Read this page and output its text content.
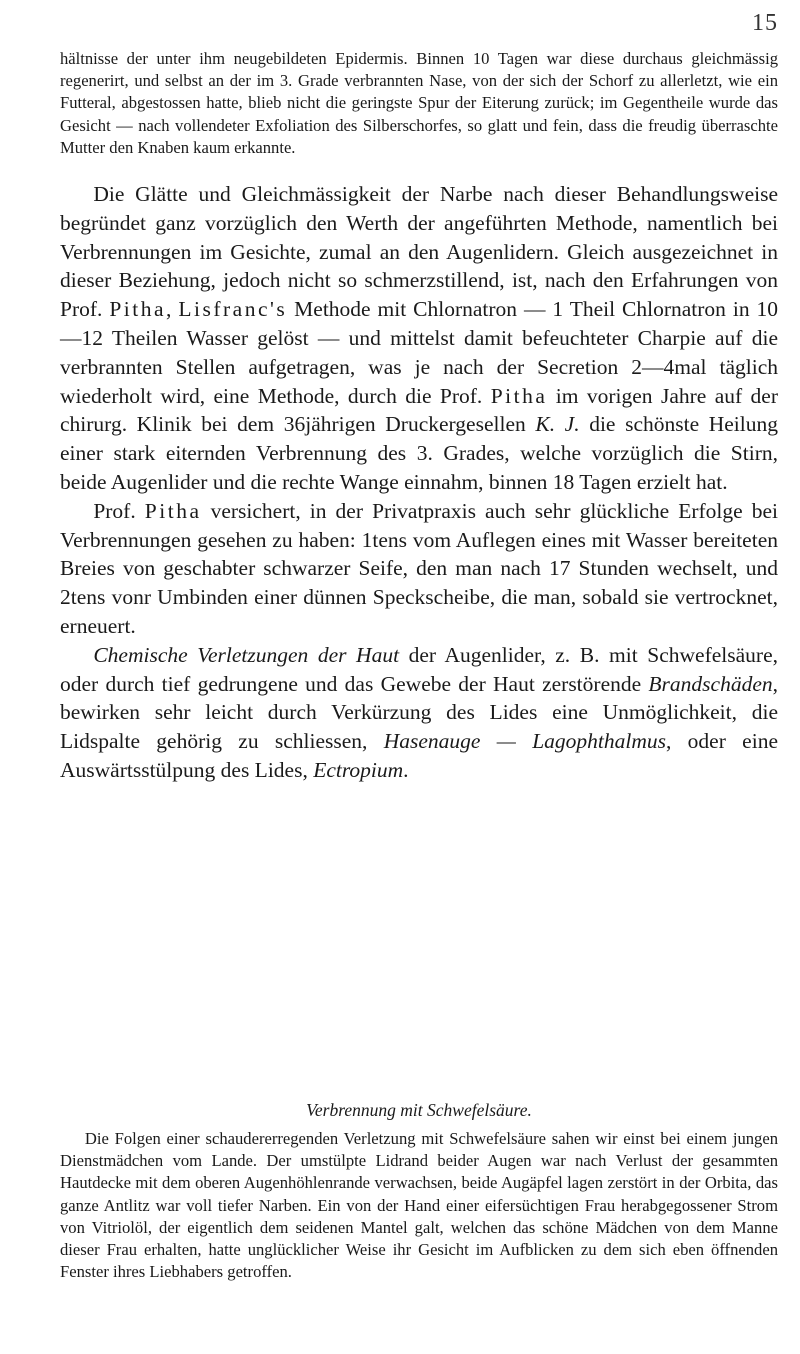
15

hältnisse der unter ihm neugebildeten Epidermis. Binnen 10 Tagen war diese durchaus gleichmässig regenerirt, und selbst an der im 3. Grade verbrannten Nase, von der sich der Schorf zu allerletzt, wie ein Futteral, abgestossen hatte, blieb nicht die geringste Spur der Eiterung zurück; im Gegentheile wurde das Gesicht — nach vollendeter Exfoliation des Silberschorfes, so glatt und fein, dass die freudig überraschte Mutter den Knaben kaum erkannte.

Die Glätte und Gleichmässigkeit der Narbe nach dieser Behandlungsweise begründet ganz vorzüglich den Werth der angeführten Methode, namentlich bei Verbrennungen im Gesichte, zumal an den Augenlidern. Gleich ausgezeichnet in dieser Beziehung, jedoch nicht so schmerzstillend, ist, nach den Erfahrungen von Prof. Pitha, Lisfranc's Methode mit Chlornatron — 1 Theil Chlornatron in 10—12 Theilen Wasser gelöst — und mittelst damit befeuchteter Charpie auf die verbrannten Stellen aufgetragen, was je nach der Secretion 2—4mal täglich wiederholt wird, eine Methode, durch die Prof. Pitha im vorigen Jahre auf der chirurg. Klinik bei dem 36jährigen Druckergesellen K. J. die schönste Heilung einer stark eiternden Verbrennung des 3. Grades, welche vorzüglich die Stirn, beide Augenlider und die rechte Wange einnahm, binnen 18 Tagen erzielt hat.

Prof. Pitha versichert, in der Privatpraxis auch sehr glückliche Erfolge bei Verbrennungen gesehen zu haben: 1tens vom Auflegen eines mit Wasser bereiteten Breies von geschabter schwarzer Seife, den man nach 17 Stunden wechselt, und 2tens vonr Umbinden einer dünnen Speckscheibe, die man, sobald sie vertrocknet, erneuert.

Chemische Verletzungen der Haut der Augenlider, z. B. mit Schwefelsäure, oder durch tief gedrungene und das Gewebe der Haut zerstörende Brandschäden, bewirken sehr leicht durch Verkürzung des Lides eine Unmöglichkeit, die Lidspalte gehörig zu schliessen, Hasenauge — Lagophthalmus, oder eine Auswärtsstülpung des Lides, Ectropium.

Verbrennung mit Schwefelsäure.

Die Folgen einer schaudererregenden Verletzung mit Schwefelsäure sahen wir einst bei einem jungen Dienstmädchen vom Lande. Der umstülpte Lidrand beider Augen war nach Verlust der gesammten Hautdecke mit dem oberen Augenhöhlenrande verwachsen, beide Augäpfel lagen zerstört in der Orbita, das ganze Antlitz war voll tiefer Narben. Ein von der Hand einer eifersüchtigen Frau herabgegossener Strom von Vitriolöl, der eigentlich dem seidenen Mantel galt, welchen das schöne Mädchen von dem Manne dieser Frau erhalten, hatte unglücklicher Weise ihr Gesicht im Aufblicken zu dem sich eben öffnenden Fenster ihres Liebhabers getroffen.
